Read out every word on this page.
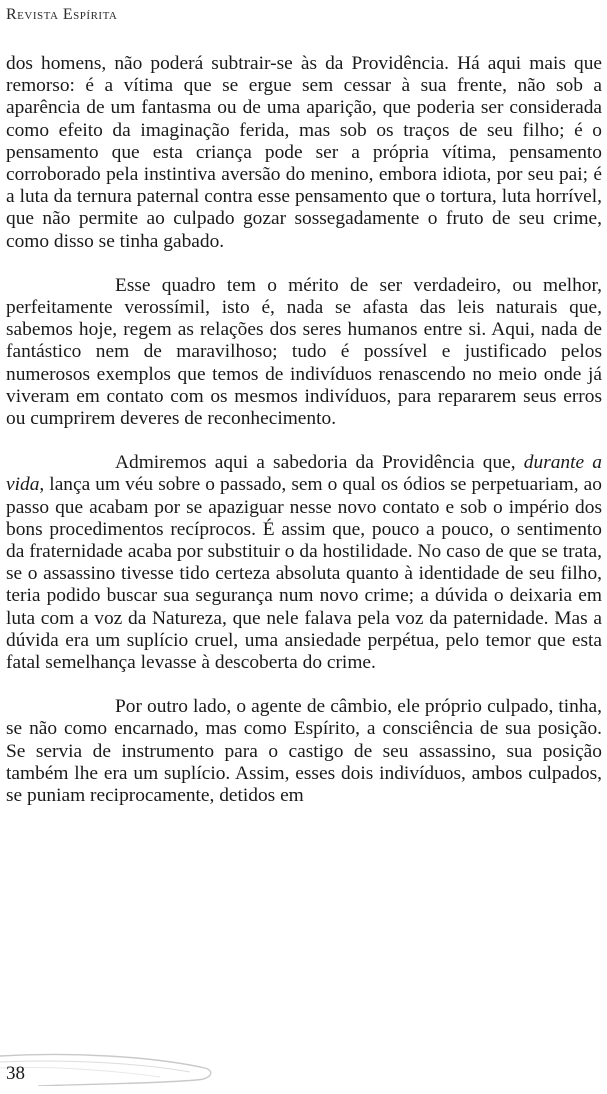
Revista Espírita

dos homens, não poderá subtrair-se às da Providência. Há aqui mais que remorso: é a vítima que se ergue sem cessar à sua frente, não sob a aparência de um fantasma ou de uma aparição, que poderia ser considerada como efeito da imaginação ferida, mas sob os traços de seu filho; é o pensamento que esta criança pode ser a própria vítima, pensamento corroborado pela instintiva aversão do menino, embora idiota, por seu pai; é a luta da ternura paternal contra esse pensamento que o tortura, luta horrível, que não permite ao culpado gozar sossegadamente o fruto de seu crime, como disso se tinha gabado.

Esse quadro tem o mérito de ser verdadeiro, ou melhor, perfeitamente verossímil, isto é, nada se afasta das leis naturais que, sabemos hoje, regem as relações dos seres humanos entre si. Aqui, nada de fantástico nem de maravilhoso; tudo é possível e justificado pelos numerosos exemplos que temos de indivíduos renascendo no meio onde já viveram em contato com os mesmos indivíduos, para repararem seus erros ou cumprirem deveres de reconhecimento.

Admiremos aqui a sabedoria da Providência que, durante a vida, lança um véu sobre o passado, sem o qual os ódios se perpetuariam, ao passo que acabam por se apaziguar nesse novo contato e sob o império dos bons procedimentos recíprocos. É assim que, pouco a pouco, o sentimento da fraternidade acaba por substituir o da hostilidade. No caso de que se trata, se o assassino tivesse tido certeza absoluta quanto à identidade de seu filho, teria podido buscar sua segurança num novo crime; a dúvida o deixaria em luta com a voz da Natureza, que nele falava pela voz da paternidade. Mas a dúvida era um suplício cruel, uma ansiedade perpétua, pelo temor que esta fatal semelhança levasse à descoberta do crime.

Por outro lado, o agente de câmbio, ele próprio culpado, tinha, se não como encarnado, mas como Espírito, a consciência de sua posição. Se servia de instrumento para o castigo de seu assassino, sua posição também lhe era um suplício. Assim, esses dois indivíduos, ambos culpados, se puniam reciprocamente, detidos em

38
